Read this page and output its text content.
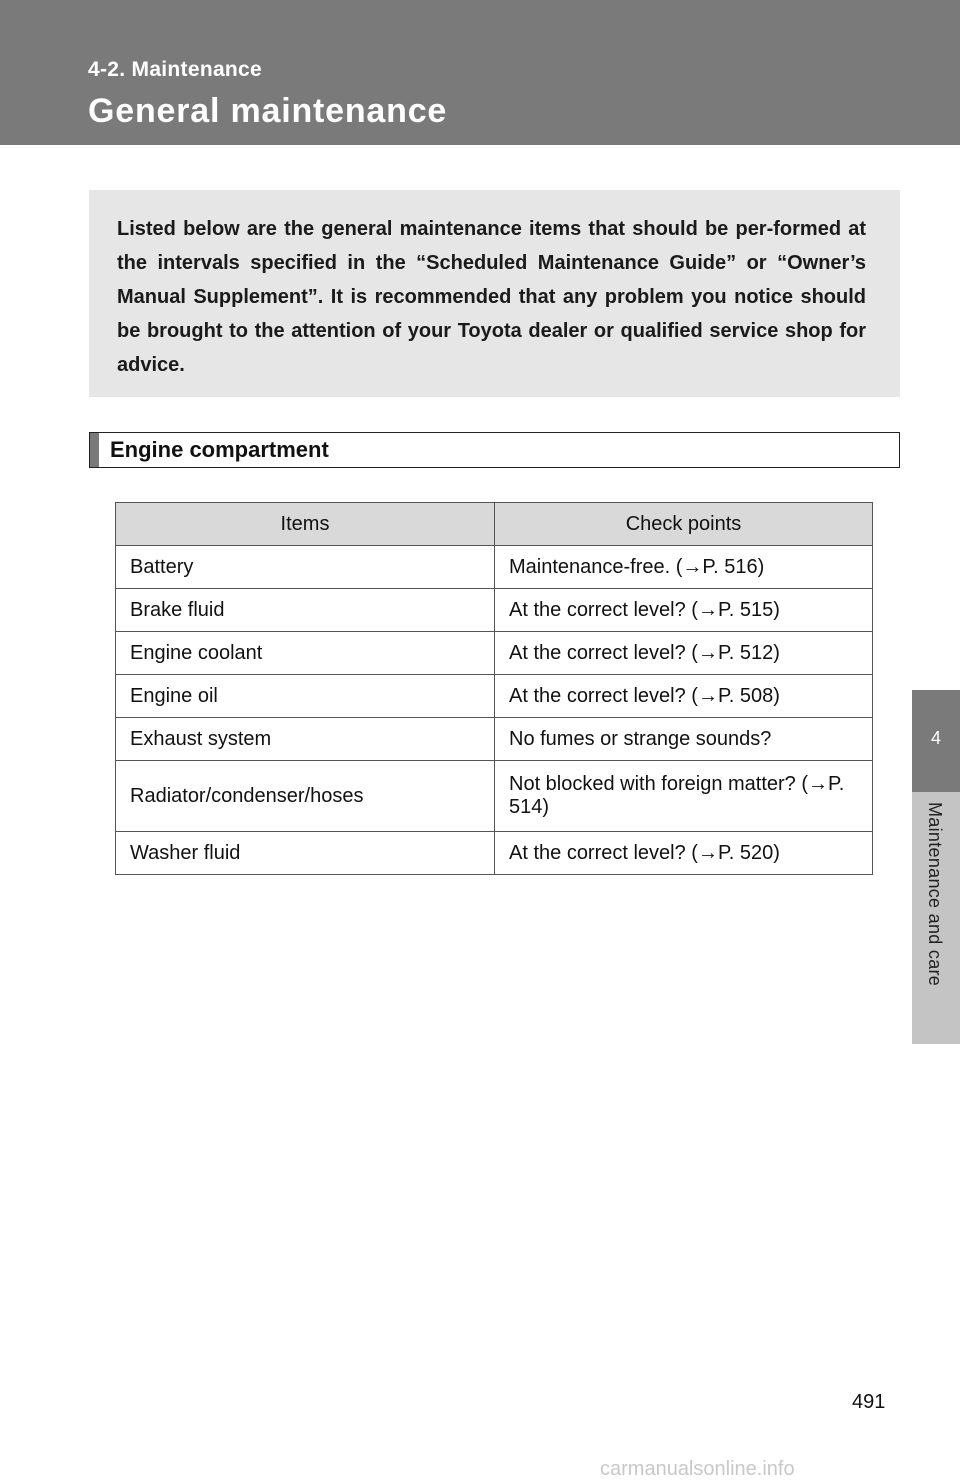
4-2. Maintenance
General maintenance

Listed below are the general maintenance items that should be per-formed at the intervals specified in the “Scheduled Maintenance Guide” or “Owner’s Manual Supplement”. It is recommended that any problem you notice should be brought to the attention of your Toyota dealer or qualified service shop for advice.

Engine compartment
Items	Check points
Battery	Maintenance-free. (→P. 516)
Brake fluid	At the correct level? (→P. 515)
Engine coolant	At the correct level? (→P. 512)
Engine oil	At the correct level? (→P. 508)
Exhaust system	No fumes or strange sounds?
Radiator/condenser/hoses	Not blocked with foreign matter? (→P. 514)
Washer fluid	At the correct level? (→P. 520)
4
Maintenance and care
491
carmanualsonline.info
